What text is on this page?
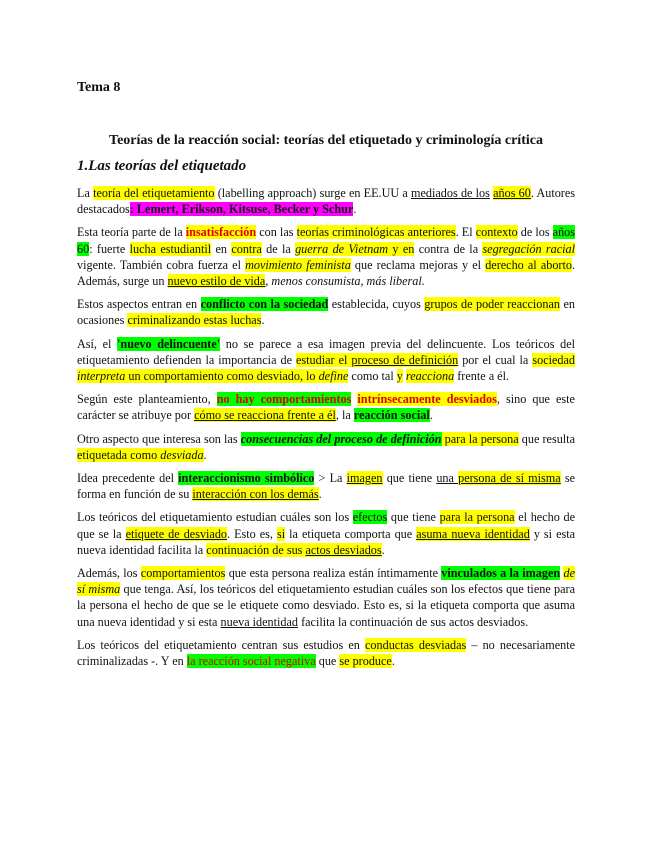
Tema 8
Teorías de la reacción social: teorías del etiquetado y criminología crítica
1.Las teorías del etiquetado

La teoría del etiquetamiento (labelling approach) surge en EE.UU a mediados de los años 60. Autores destacados: Lemert, Erikson, Kitsuse, Becker y Schur.

Esta teoría parte de la insatisfacción con las teorías criminológicas anteriores. El contexto de los años 60: fuerte lucha estudiantil en contra de la guerra de Vietnam y en contra de la segregación racial vigente. También cobra fuerza el movimiento feminista que reclama mejoras y el derecho al aborto. Además, surge un nuevo estilo de vida, menos consumista, más liberal.

Estos aspectos entran en conflicto con la sociedad establecida, cuyos grupos de poder reaccionan en ocasiones criminalizando estas luchas.

Así, el 'nuevo delincuente' no se parece a esa imagen previa del delincuente. Los teóricos del etiquetamiento defienden la importancia de estudiar el proceso de definición por el cual la sociedad interpreta un comportamiento como desviado, lo define como tal y reacciona frente a él.

Según este planteamiento, no hay comportamientos intrínsecamente desviados, sino que este carácter se atribuye por cómo se reacciona frente a él, la reacción social.

Otro aspecto que interesa son las consecuencias del proceso de definición para la persona que resulta etiquetada como desviada.

Idea precedente del interaccionismo simbólico > La imagen que tiene una persona de sí misma se forma en función de su interacción con los demás.

Los teóricos del etiquetamiento estudian cuáles son los efectos que tiene para la persona el hecho de que se la etiquete de desviado. Esto es, si la etiqueta comporta que asuma nueva identidad y si esta nueva identidad facilita la continuación de sus actos desviados.

Además, los comportamientos que esta persona realiza están íntimamente vinculados a la imagen de sí misma que tenga. Así, los teóricos del etiquetamiento estudian cuáles son los efectos que tiene para la persona el hecho de que se le etiquete como desviado. Esto es, si la etiqueta comporta que asuma una nueva identidad y si esta nueva identidad facilita la continuación de sus actos desviados.

Los teóricos del etiquetamiento centran sus estudios en conductas desviadas – no necesariamente criminalizadas -. Y en la reacción social negativa que se produce.
